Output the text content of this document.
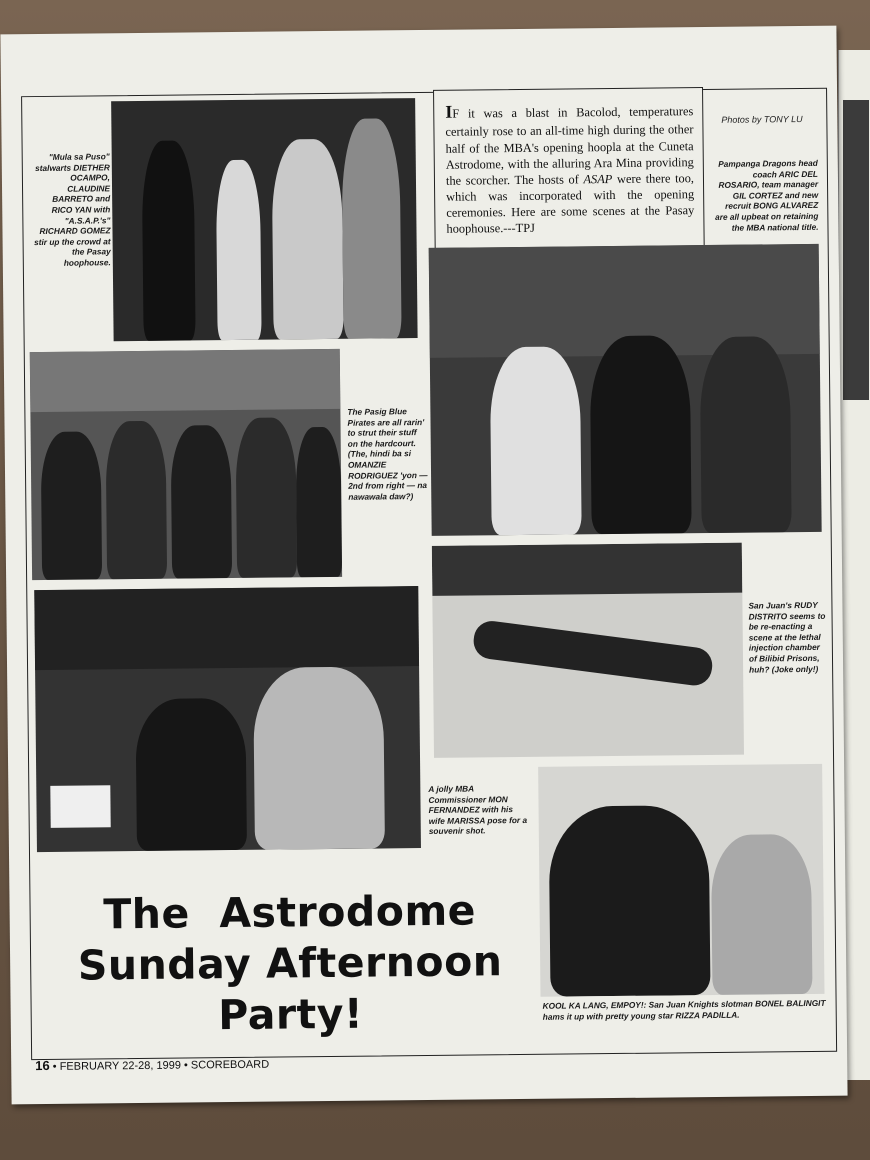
"Mula sa Puso" stalwarts DIETHER OCAMPO, CLAUDINE BARRETO and RICO YAN with "A.S.A.P.'s" RICHARD GOMEZ stir up the crowd at the Pasay hoophouse.
IF it was a blast in Bacolod, temperatures certainly rose to an all-time high during the other half of the MBA's opening hoopla at the Cuneta Astrodome, with the alluring Ara Mina providing the scorcher. The hosts of ASAP were there too, which was incorporated with the opening ceremonies. Here are some scenes at the Pasay hoophouse.---TPJ
Photos by TONY LU
Pampanga Dragons head coach ARIC DEL ROSARIO, team manager GIL CORTEZ and new recruit BONG ALVAREZ are all upbeat on retaining the MBA national title.
The Pasig Blue Pirates are all rarin' to strut their stuff on the hardcourt. (The, hindi ba si OMANZIE RODRIGUEZ 'yon — 2nd from right — na nawawala daw?)
San Juan's RUDY DISTRITO seems to be re-enacting a scene at the lethal injection chamber of Bilibid Prisons, huh? (Joke only!)
A jolly MBA Commissioner MON FERNANDEZ with his wife MARISSA pose for a souvenir shot.
KOOL KA LANG, EMPOY!: San Juan Knights slotman BONEL BALINGIT hams it up with pretty young star RIZZA PADILLA.
The  Astrodome
Sunday Afternoon
Party!
16 • FEBRUARY 22-28, 1999 • SCOREBOARD
